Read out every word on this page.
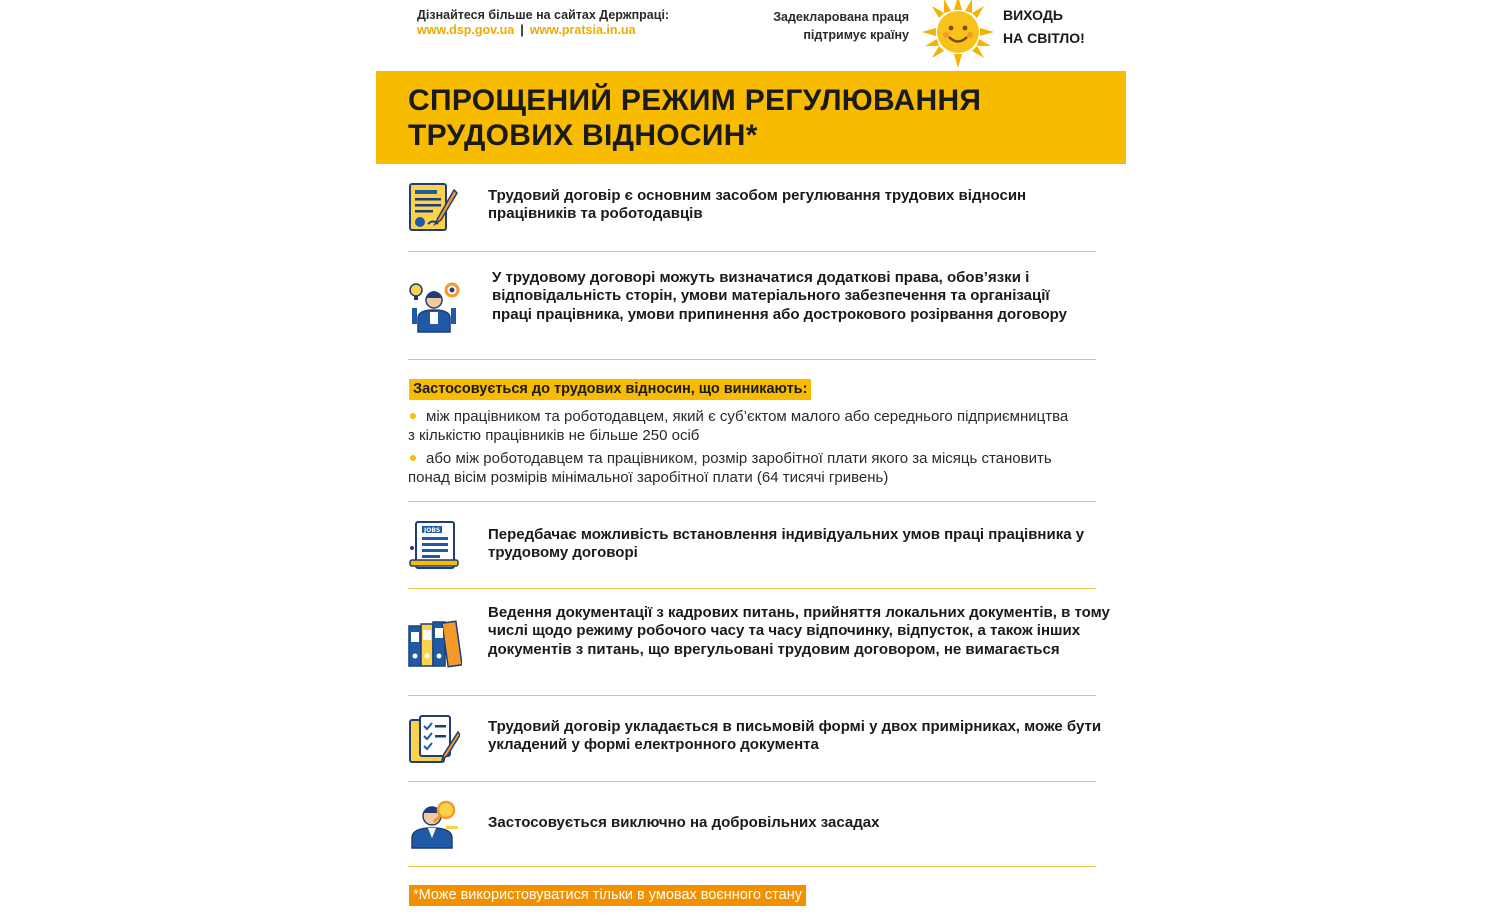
Дізнайтеся більше на сайтах Держпраці:
www.dsp.gov.ua | www.pratsia.in.ua
Задекларована праця
підтримує країну
ВИХОДЬ
НА СВІТЛО!
СПРОЩЕНИЙ РЕЖИМ РЕГУЛЮВАННЯ
ТРУДОВИХ ВІДНОСИН*
Трудовий договір є основним засобом регулювання трудових відносин працівників та роботодавців
У трудовому договорі можуть визначатися додаткові права, обов’язки і відповідальність сторін, умови матеріального забезпечення та організації праці працівника, умови припинення або дострокового розірвання договору
Застосовується до трудових відносин, що виникають:
між працівником та роботодавцем, який є суб’єктом малого або середнього підприємництва з кількістю працівників не більше 250 осіб
або між роботодавцем та працівником, розмір заробітної плати якого за місяць становить понад вісім розмірів мінімальної заробітної плати (64 тисячі гривень)
JOBS	Передбачає можливість встановлення індивідуальних умов праці працівника у трудовому договорі
Ведення документації з кадрових питань, прийняття локальних документів, в тому числі щодо режиму робочого часу та часу відпочинку, відпусток, а також інших документів з питань, що врегульовані трудовим договором, не вимагається
Трудовий договір укладається в письмовій формі у двох примірниках, може бути укладений у формі електронного документа
Застосовується виключно на добровільних засадах
*Може використовуватися тільки в умовах воєнного стану
